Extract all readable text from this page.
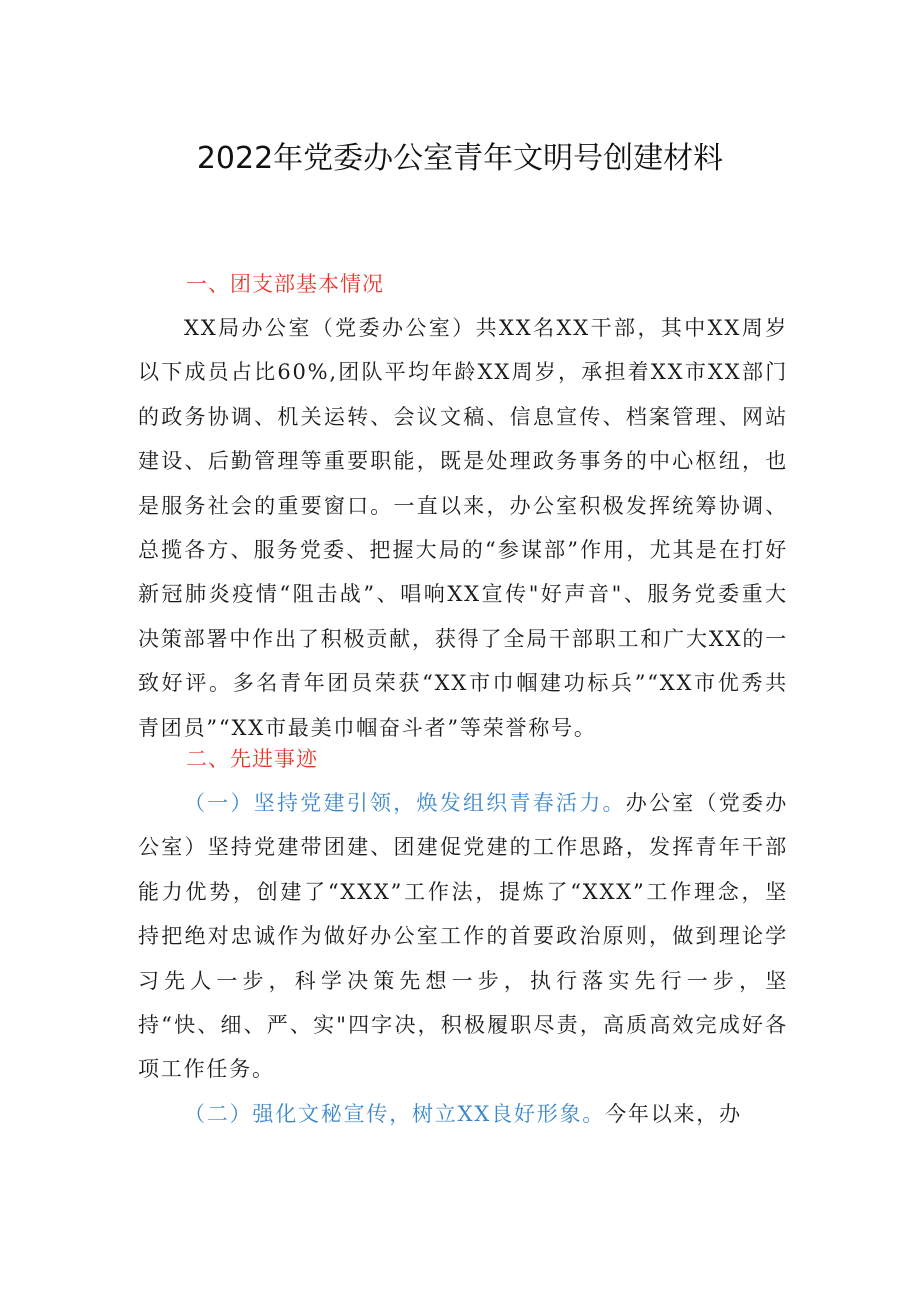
2022年党委办公室青年文明号创建材料
一、团支部基本情况
XX局办公室（党委办公室）共XX名XX干部，其中XX周岁以下成员占比60%,团队平均年龄XX周岁，承担着XX市XX部门的政务协调、机关运转、会议文稿、信息宣传、档案管理、网站建设、后勤管理等重要职能，既是处理政务事务的中心枢纽，也是服务社会的重要窗口。一直以来，办公室积极发挥统筹协调、总揽各方、服务党委、把握大局的“参谋部”作用，尤其是在打好新冠肺炎疫情“阻击战”、唱响XX宣传"好声音"、服务党委重大决策部署中作出了积极贡献，获得了全局干部职工和广大XX的一致好评。多名青年团员荣获“XX市巾帼建功标兵”“XX市优秀共青团员”“XX市最美巾帼奋斗者”等荣誉称号。
二、先进事迹
（一）坚持党建引领，焕发组织青春活力。办公室（党委办公室）坚持党建带团建、团建促党建的工作思路，发挥青年干部能力优势，创建了“XXX”工作法，提炼了“XXX”工作理念，坚持把绝对忠诚作为做好办公室工作的首要政治原则，做到理论学习先人一步，科学决策先想一步，执行落实先行一步，坚持“快、细、严、实"四字决，积极履职尽责，高质高效完成好各项工作任务。
（二）强化文秘宣传，树立XX良好形象。今年以来，办
